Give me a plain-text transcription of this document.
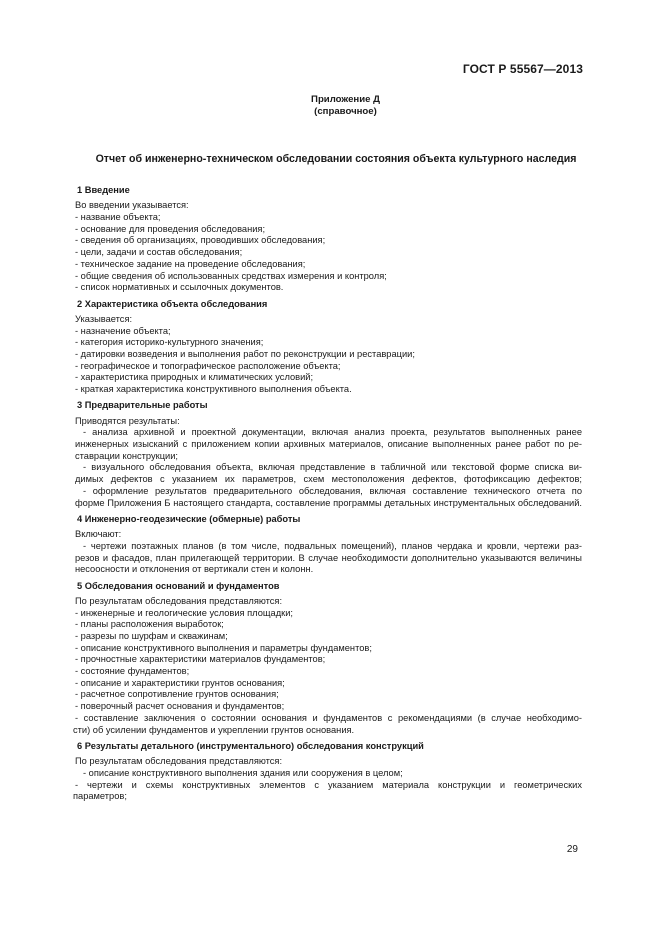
ГОСТ Р 55567—2013
Приложение Д
(справочное)
Отчет об инженерно-техническом обследовании состояния объекта культурного наследия
1 Введение
Во введении указывается:
- название объекта;
- основание для проведения обследования;
- сведения об организациях, проводивших обследования;
- цели, задачи и состав обследования;
- техническое задание на проведение обследования;
- общие сведения об использованных средствах измерения и контроля;
- список нормативных и ссылочных документов.
2 Характеристика объекта обследования
Указывается:
- назначение объекта;
- категория историко-культурного значения;
- датировки возведения и выполнения работ по реконструкции и реставрации;
- географическое и топографическое расположение объекта;
- характеристика природных и климатических условий;
- краткая характеристика конструктивного выполнения объекта.
3 Предварительные работы
Приводятся результаты:
- анализа архивной и проектной документации, включая анализ проекта, результатов выполненных ранее
инженерных изысканий с приложением копии архивных материалов, описание выполненных ранее работ по ре-
ставрации конструкции;
- визуального обследования объекта, включая представление в табличной или текстовой форме списка ви-
димых дефектов с указанием их параметров, схем местоположения дефектов, фотофиксацию дефектов;
- оформление результатов предварительного обследования, включая составление технического отчета по
форме Приложения Б настоящего стандарта, составление программы детальных инструментальных обследований.
4 Инженерно-геодезические (обмерные) работы
Включают:
- чертежи поэтажных планов (в том числе, подвальных помещений), планов чердака и кровли, чертежи раз-
резов и фасадов, план прилегающей территории. В случае необходимости дополнительно указываются величины
несоосности и отклонения от вертикали стен и колонн.
5 Обследования оснований и фундаментов
По результатам обследования представляются:
- инженерные и геологические условия площадки;
- планы расположения выработок;
- разрезы по шурфам и скважинам;
- описание конструктивного выполнения и параметры фундаментов;
- прочностные характеристики материалов фундаментов;
- состояние фундаментов;
- описание и характеристики грунтов основания;
- расчетное сопротивление грунтов основания;
- поверочный расчет основания и фундаментов;
- составление заключения о состоянии основания и фундаментов с рекомендациями (в случае необходимо-
сти) об усилении фундаментов и укреплении грунтов основания.
6 Результаты детального (инструментального) обследования конструкций
По результатам обследования представляются:
- описание конструктивного выполнения здания или сооружения в целом;
- чертежи и схемы конструктивных элементов с указанием материала конструкции и геометрических
параметров;
29
